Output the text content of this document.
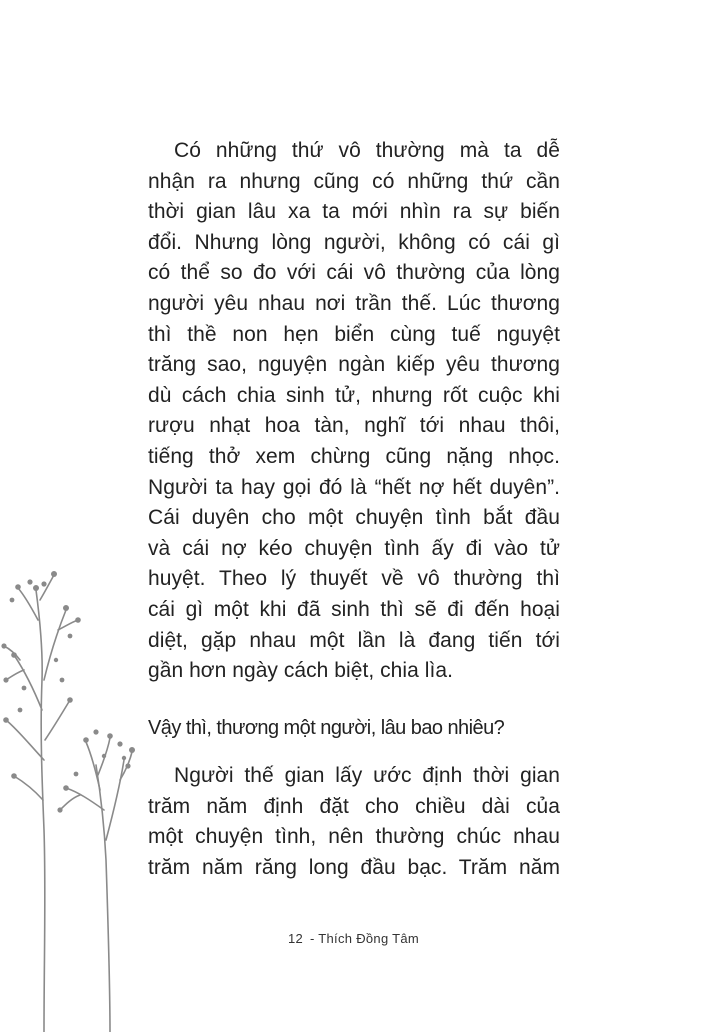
Có những thứ vô thường mà ta dễ
nhận ra nhưng cũng có những thứ cần
thời gian lâu xa ta mới nhìn ra sự biến
đổi. Nhưng lòng người, không có cái gì
có thể so đo với cái vô thường của lòng
người yêu nhau nơi trần thế. Lúc thương
thì thề non hẹn biển cùng tuế nguyệt
trăng sao, nguyện ngàn kiếp yêu thương
dù cách chia sinh tử, nhưng rốt cuộc khi
rượu nhạt hoa tàn, nghĩ tới nhau thôi,
tiếng thở xem chừng cũng nặng nhọc.
Người ta hay gọi đó là “hết nợ hết duyên”.
Cái duyên cho một chuyện tình bắt đầu
và cái nợ kéo chuyện tình ấy đi vào tử
huyệt. Theo lý thuyết về vô thường thì
cái gì một khi đã sinh thì sẽ đi đến hoại
diệt, gặp nhau một lần là đang tiến tới
gần hơn ngày cách biệt, chia lìa.

Vậy thì, thương một người, lâu bao nhiêu?

Người thế gian lấy ước định thời gian
trăm năm định đặt cho chiều dài của
một chuyện tình, nên thường chúc nhau
trăm năm răng long đầu bạc. Trăm năm

12 - Thích Đồng Tâm
